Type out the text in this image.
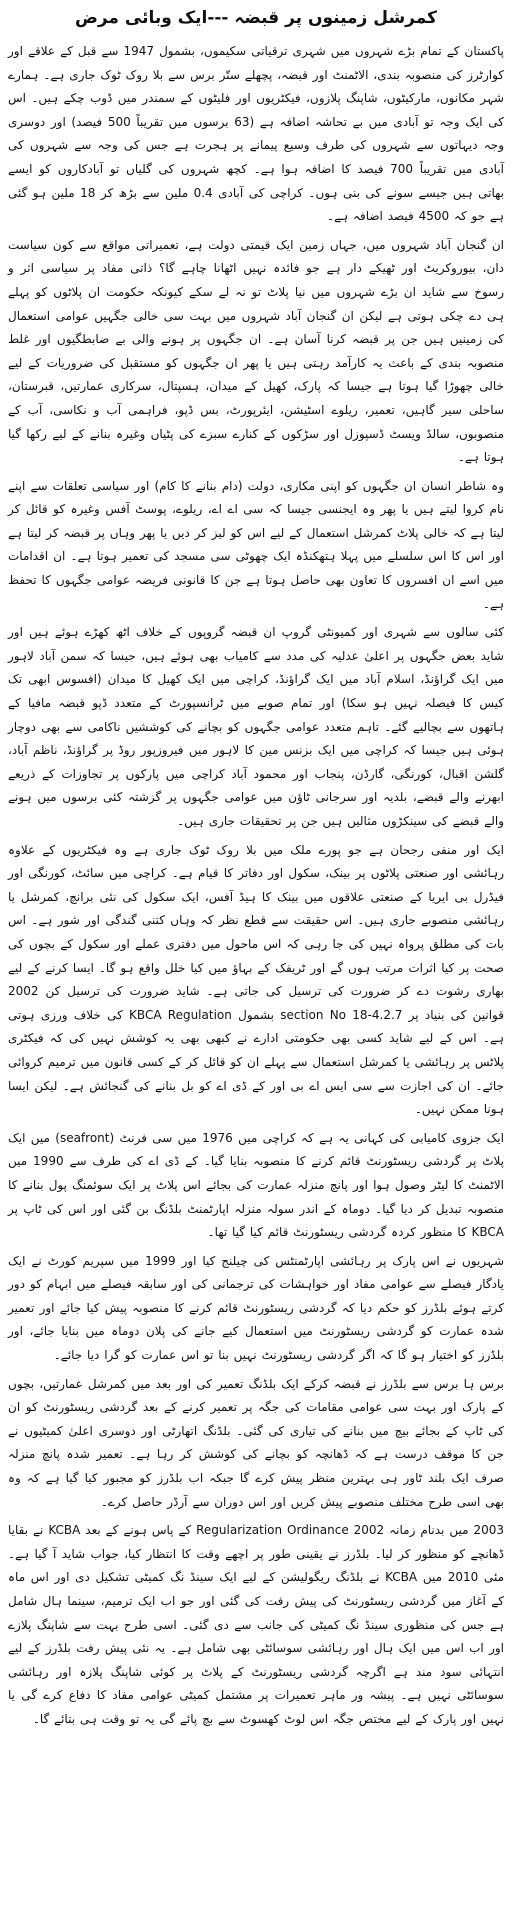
کمرشل زمینوں پر قبضہ ---ایک وبائی مرض

پاکستان کے تمام بڑے شہروں میں شہری ترقیاتی سکیموں، بشمول 1947 سے قبل کے علاقے اور کوارٹرز کی منصوبہ بندی، الاٹمنٹ اور قبضہ، پچھلے ستّر برس سے بلا روک ٹوک جاری ہے۔ ہمارے شہر مکانوں، مارکیٹوں، شاپنگ پلازوں، فیکٹریوں اور فلیٹوں کے سمندر میں ڈوب چکے ہیں۔ اس کی ایک وجہ تو آبادی میں بے تحاشہ اضافہ ہے (63 برسوں میں تقریباً 500 فیصد) اور دوسری وجہ دیہاتوں سے شہروں کی طرف وسیع پیمانے پر ہجرت ہے جس کی وجہ سے شہروں کی آبادی میں تقریباً 700 فیصد کا اضافہ ہوا ہے۔ کچھ شہروں کی گلیاں تو آبادکاروں کو ایسے بھاتی ہیں جیسے سونے کی بنی ہوں۔ کراچی کی آبادی 0.4 ملین سے بڑھ کر 18 ملین ہو گئی ہے جو کہ 4500 فیصد اضافہ ہے۔

ان گنجان آباد شہروں میں، جہاں زمین ایک قیمتی دولت ہے، تعمیراتی مواقع سے کون سیاست دان، بیوروکریٹ اور ٹھیکے دار ہے جو فائدہ نہیں اٹھانا چاہے گا؟ ذاتی مفاد پر سیاسی اثر و رسوخ سے شاید ان بڑے شہروں میں نیا پلاٹ تو نہ لے سکے کیونکہ حکومت ان پلاٹوں کو پہلے ہی دے چکی ہوتی ہے لیکن ان گنجان آباد شہروں میں بہت سی خالی جگہیں عوامی استعمال کی زمینیں ہیں جن پر قبضہ کرنا آسان ہے۔ ان جگہوں پر ہونے والی بے ضابطگیوں اور غلط منصوبہ بندی کے باعث یہ کارآمد رہتی ہیں یا پھر ان جگہوں کو مستقبل کی ضروریات کے لیے خالی چھوڑا گیا ہوتا ہے جیسا کہ پارک، کھیل کے میدان، ہسپتال، سرکاری عمارتیں، قبرستان، ساحلی سیر گاہیں، تعمیر، ریلوے اسٹیشن، ایئرپورٹ، بس ڈپو، فراہمی آب و نکاسی، آب کے منصوبوں، سالڈ ویسٹ ڈسپوزل اور سڑکوں کے کنارے سبزے کی پٹیاں وغیرہ بنانے کے لیے رکھا گیا ہوتا ہے۔

وہ شاطر انسان ان جگہوں کو اپنی مکاری، دولت (دام بنانے کا کام) اور سیاسی تعلقات سے اپنے نام کروا لیتے ہیں یا پھر وہ ایجنسی جیسا کہ سی اے اے، ریلوے، پوسٹ آفس وغیرہ کو قائل کر لیتا ہے کہ خالی پلاٹ کمرشل استعمال کے لیے اس کو لیز کر دیں یا پھر وہاں پر قبضہ کر لیتا ہے اور اس کا اس سلسلے میں پہلا ہتھکنڈہ ایک چھوٹی سی مسجد کی تعمیر ہوتا ہے۔ ان اقدامات میں اسے ان افسروں کا تعاون بھی حاصل ہوتا ہے جن کا قانونی فریضہ عوامی جگہوں کا تحفظ ہے۔

کئی سالوں سے شہری اور کمیونٹی گروپ ان قبضہ گروپوں کے خلاف اٹھ کھڑے ہوئے ہیں اور شاید بعض جگہوں پر اعلیٰ عدلیہ کی مدد سے کامیاب بھی ہوئے ہیں، جیسا کہ سمن آباد لاہور میں ایک گراؤنڈ، اسلام آباد میں ایک گراؤنڈ، کراچی میں ایک کھیل کا میدان (افسوس ابھی تک کیس کا فیصلہ نہیں ہو سکا) اور تمام صوبے میں ٹرانسپورٹ کے متعدد ڈپو قبضہ مافیا کے ہاتھوں سے بچالیے گئے۔ تاہم متعدد عوامی جگہوں کو بچانے کی کوششیں ناکامی سے بھی دوچار ہوئی ہیں جیسا کہ کراچی میں ایک بزنس مین کا لاہور میں فیروزپور روڈ پر گراؤنڈ، ناظم آباد، گلشن اقبال، کورنگی، گارڈن، پنجاب اور محمود آباد کراچی میں پارکوں پر تجاوزات کے ذریعے ابھرنے والے قبضے، بلدیہ اور سرجانی ٹاؤن میں عوامی جگہوں پر گزشتہ کئی برسوں میں ہونے والے قبضے کی سینکڑوں مثالیں ہیں جن پر تحقیقات جاری ہیں۔

ایک اور منفی رجحان ہے جو پورے ملک میں بلا روک ٹوک جاری ہے وہ فیکٹریوں کے علاوہ رہائشی اور صنعتی پلاٹوں پر بینک، سکول اور دفاتر کا قیام ہے۔ کراچی میں سائٹ، کورنگی اور فیڈرل بی ایریا کے صنعتی علاقوں میں بینک کا ہیڈ آفس، ایک سکول کی نئی برانچ، کمرشل یا رہائشی منصوبے جاری ہیں۔ اس حقیقت سے قطع نظر کہ وہاں کتنی گندگی اور شور ہے۔ اس بات کی مطلق پرواہ نہیں کی جا رہی کہ اس ماحول میں دفتری عملے اور سکول کے بچوں کی صحت پر کیا اثرات مرتب ہوں گے اور ٹریفک کے بہاؤ میں کیا خلل واقع ہو گا۔ ایسا کرنے کے لیے بھاری رشوت دے کر ضرورت کی ترسیل کی جاتی ہے۔ شاید ضرورت کی ترسیل کن 2002 قوانین کی بنیاد پر section No 18-4.2.7 بشمول KBCA Regulation کی خلاف ورزی ہوتی ہے۔ اس کے لیے شاید کسی بھی حکومتی ادارے نے کبھی بھی یہ کوشش نہیں کی کہ فیکٹری پلاٹس پر رہائشی یا کمرشل استعمال سے پہلے ان کو قائل کر کے کسی قانون میں ترمیم کروائی جائے۔ ان کی اجازت سے سی ایس اے بی اور کے ڈی اے کو بل بنانے کی گنجائش ہے۔ لیکن ایسا ہونا ممکن نہیں۔

ایک جزوی کامیابی کی کہانی یہ ہے کہ کراچی میں 1976 میں سی فرنٹ (seafront) میں ایک پلاٹ پر گردشی ریسٹورنٹ قائم کرنے کا منصوبہ بنایا گیا۔ کے ڈی اے کی طرف سے 1990 میں الاٹمنٹ کا لیٹر وصول ہوا اور پانچ منزلہ عمارت کی بجائے اس پلاٹ پر ایک سوئمنگ پول بنانے کا منصوبہ تبدیل کر دیا گیا۔ دوماہ کے اندر سولہ منزلہ اپارٹمنٹ بلڈنگ بن گئی اور اس کی ٹاپ پر KBCA کا منظور کردہ گردشی ریسٹورنٹ قائم کیا گیا تھا۔

شہریوں نے اس پارک پر رہائشی اپارٹمنٹس کی چیلنج کیا اور 1999 میں سپریم کورٹ نے ایک یادگار فیصلے سے عوامی مفاد اور خواہشات کی ترجمانی کی اور سابقہ فیصلے میں ابہام کو دور کرتے ہوئے بلڈرز کو حکم دیا کہ گردشی ریسٹورنٹ قائم کرنے کا منصوبہ پیش کیا جائے اور تعمیر شدہ عمارت کو گردشی ریسٹورنٹ میں استعمال کیے جانے کی پلان دوماہ میں بنایا جائے، اور بلڈرز کو اختیار ہو گا کہ اگر گردشی ریسٹورنٹ نہیں بنا تو اس عمارت کو گرا دیا جائے۔

برس ہا برس سے بلڈرز نے قبضہ کرکے ایک بلڈنگ تعمیر کی اور بعد میں کمرشل عمارتیں، بچوں کے پارک اور بہت سی عوامی مقامات کی جگہ پر تعمیر کرنے کے بعد گردشی ریسٹورنٹ کو ان کی ٹاپ کے بجائے بیچ میں بنانے کی تیاری کی گئی۔ بلڈنگ اتھارٹی اور دوسری اعلیٰ کمیٹیوں نے جن کا موقف درست ہے کہ ڈھانچہ کو بچانے کی کوشش کر رہا ہے۔ تعمیر شدہ پانچ منزلہ صرف ایک بلند ٹاور ہی بہترین منظر پیش کرے گا جبکہ اب بلڈرز کو مجبور کیا گیا ہے کہ وہ بھی اسی طرح مختلف منصوبے پیش کریں اور اس دوران سے آرڈر حاصل کرے۔

2003 میں بدنام زمانہ Regularization Ordinance 2002 کے پاس ہونے کے بعد KCBA نے بقایا ڈھانچے کو منظور کر لیا۔ بلڈرز نے یقینی طور پر اچھے وقت کا انتظار کیا، جواب شاید آ گیا ہے۔ مئی 2010 میں KCBA نے بلڈنگ ریگولیشن کے لیے ایک سینڈ نگ کمیٹی تشکیل دی اور اس ماہ کے آغاز میں گردشی ریسٹورنٹ کی پیش رفت کی گئی اور جو اب ایک ترمیم، سینما ہال شامل ہے جس کی منظوری سینڈ نگ کمیٹی کی جانب سے دی گئی۔ اسی طرح بہت سے شاپنگ پلازے اور اب اس میں ایک ہال اور رہائشی سوسائٹی بھی شامل ہے۔ یہ نئی پیش رفت بلڈرز کے لیے انتہائی سود مند ہے اگرچہ گردشی ریسٹورنٹ کے پلاٹ پر کوئی شاپنگ پلازہ اور رہائشی سوسائٹی نہیں ہے۔ پیشہ ور ماہر تعمیرات پر مشتمل کمیٹی عوامی مفاد کا دفاع کرے گی یا نہیں اور پارک کے لیے مختص جگہ اس لوٹ کھسوٹ سے بچ پائے گی یہ تو وقت ہی بتائے گا۔
